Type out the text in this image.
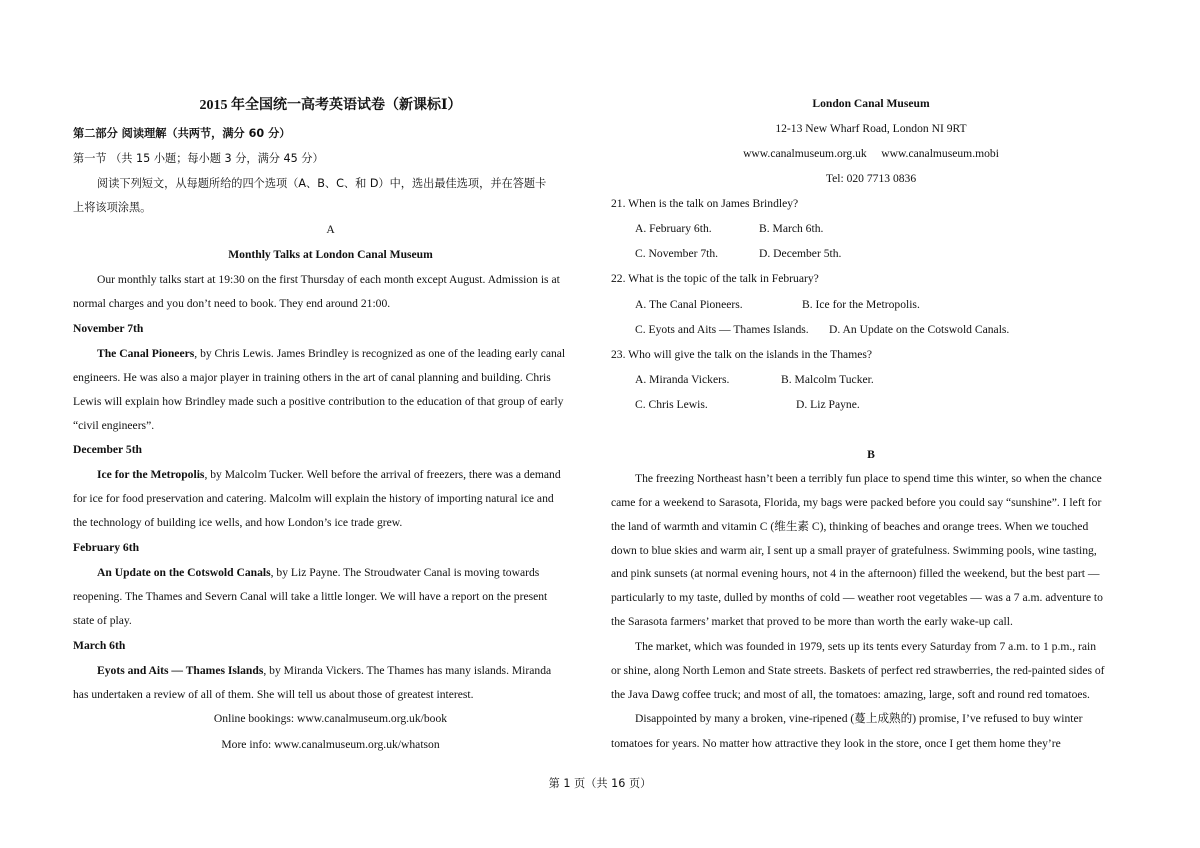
2015 年全国统一高考英语试卷（新课标Ⅰ）
第二部分 阅读理解（共两节，满分 60 分）
第一节 （共 15 小题；每小题 3 分，满分 45 分）
阅读下列短文，从每题所给的四个选项（A、B、C、和 D）中，选出最佳选项，并在答题卡
上将该项涂黑。
A
Monthly Talks at London Canal Museum
Our monthly talks start at 19:30 on the first Thursday of each month except August. Admission is at
normal charges and you don’t need to book. They end around 21:00.
November 7th
The Canal Pioneers, by Chris Lewis. James Brindley is recognized as one of the leading early canal
engineers. He was also a major player in training others in the art of canal planning and building. Chris
Lewis will explain how Brindley made such a positive contribution to the education of that group of early
“civil engineers”.
December 5th
Ice for the Metropolis, by Malcolm Tucker. Well before the arrival of freezers, there was a demand
for ice for food preservation and catering. Malcolm will explain the history of importing natural ice and
the technology of building ice wells, and how London’s ice trade grew.
February 6th
An Update on the Cotswold Canals, by Liz Payne. The Stroudwater Canal is moving towards
reopening. The Thames and Severn Canal will take a little longer. We will have a report on the present
state of play.
March 6th
Eyots and Aits — Thames Islands, by Miranda Vickers. The Thames has many islands. Miranda
has undertaken a review of all of them. She will tell us about those of greatest interest.
Online bookings: www.canalmuseum.org.uk/book
More info: www.canalmuseum.org.uk/whatson
London Canal Museum
12-13 New Wharf Road, London NI 9RT
www.canalmuseum.org.uk     www.canalmuseum.mobi
Tel: 020 7713 0836
21. When is the talk on James Brindley?
A. February 6th.	B. March 6th.
C. November 7th.	D. December 5th.
22. What is the topic of the talk in February?
A. The Canal Pioneers.	B. Ice for the Metropolis.
C. Eyots and Aits — Thames Islands. D. An Update on the Cotswold Canals.
23. Who will give the talk on the islands in the Thames?
A. Miranda Vickers.	B. Malcolm Tucker.
C. Chris Lewis.	D. Liz Payne.
B
The freezing Northeast hasn’t been a terribly fun place to spend time this winter, so when the chance
came for a weekend to Sarasota, Florida, my bags were packed before you could say “sunshine”. I left for
the land of warmth and vitamin C (维生素 C), thinking of beaches and orange trees. When we touched
down to blue skies and warm air, I sent up a small prayer of gratefulness. Swimming pools, wine tasting,
and pink sunsets (at normal evening hours, not 4 in the afternoon) filled the weekend, but the best part —
particularly to my taste, dulled by months of cold — weather root vegetables — was a 7 a.m. adventure to
the Sarasota farmers’ market that proved to be more than worth the early wake-up call.
The market, which was founded in 1979, sets up its tents every Saturday from 7 a.m. to 1 p.m., rain
or shine, along North Lemon and State streets. Baskets of perfect red strawberries, the red-painted sides of
the Java Dawg coffee truck; and most of all, the tomatoes: amazing, large, soft and round red tomatoes.
Disappointed by many a broken, vine-ripened (蔓上成熟的) promise, I’ve refused to buy winter
tomatoes for years. No matter how attractive they look in the store, once I get them home they’re
第 1 页（共 16 页）
